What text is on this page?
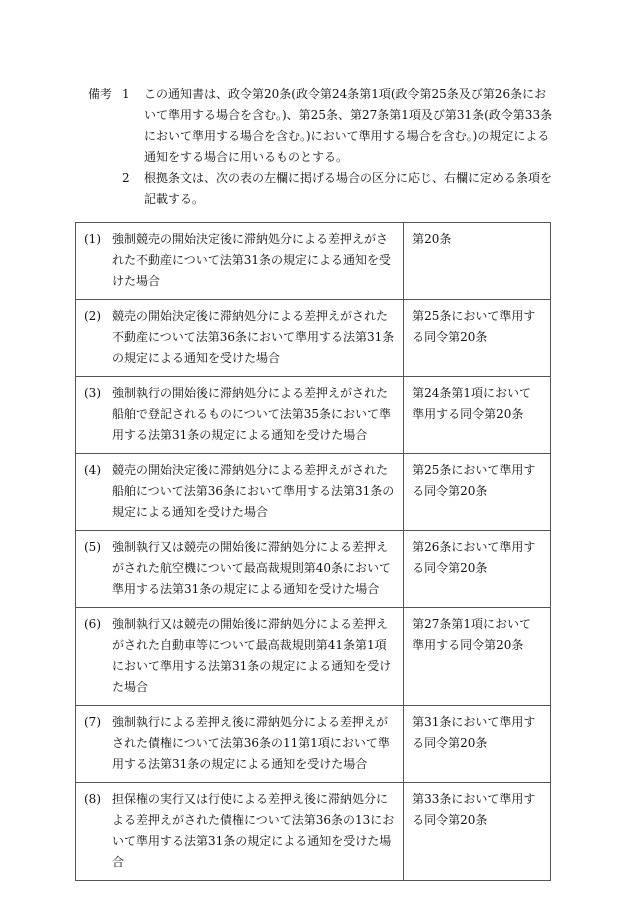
備考 1	この通知書は、政令第20条(政令第24条第1項(政令第25条及び第26条において準用する場合を含む。)、第25条、第27条第1項及び第31条(政令第33条において準用する場合を含む。)において準用する場合を含む。)の規定による通知をする場合に用いるものとする。
2	根拠条文は、次の表の左欄に掲げる場合の区分に応じ、右欄に定める条項を記載する。
(1) 強制競売の開始決定後に滞納処分による差押えがされた不動産について法第31条の規定による通知を受けた場合	第20条

(2) 競売の開始決定後に滞納処分による差押えがされた不動産について法第36条において準用する法第31条の規定による通知を受けた場合	第25条において準用する同令第20条

(3) 強制執行の開始後に滞納処分による差押えがされた船舶で登記されるものについて法第35条において準用する法第31条の規定による通知を受けた場合	第24条第1項において準用する同令第20条

(4) 競売の開始決定後に滞納処分による差押えがされた船舶について法第36条において準用する法第31条の規定による通知を受けた場合	第25条において準用する同令第20条

(5) 強制執行又は競売の開始後に滞納処分による差押えがされた航空機について最高裁規則第40条において準用する法第31条の規定による通知を受けた場合	第26条において準用する同令第20条

(6) 強制執行又は競売の開始後に滞納処分による差押えがされた自動車等について最高裁規則第41条第1項において準用する法第31条の規定による通知を受けた場合	第27条第1項において準用する同令第20条

(7) 強制執行による差押え後に滞納処分による差押えがされた債権について法第36条の11第1項において準用する法第31条の規定による通知を受けた場合	第31条において準用する同令第20条

(8) 担保権の実行又は行使による差押え後に滞納処分による差押えがされた債権について法第36条の13において準用する法第31条の規定による通知を受けた場合	第33条において準用する同令第20条
